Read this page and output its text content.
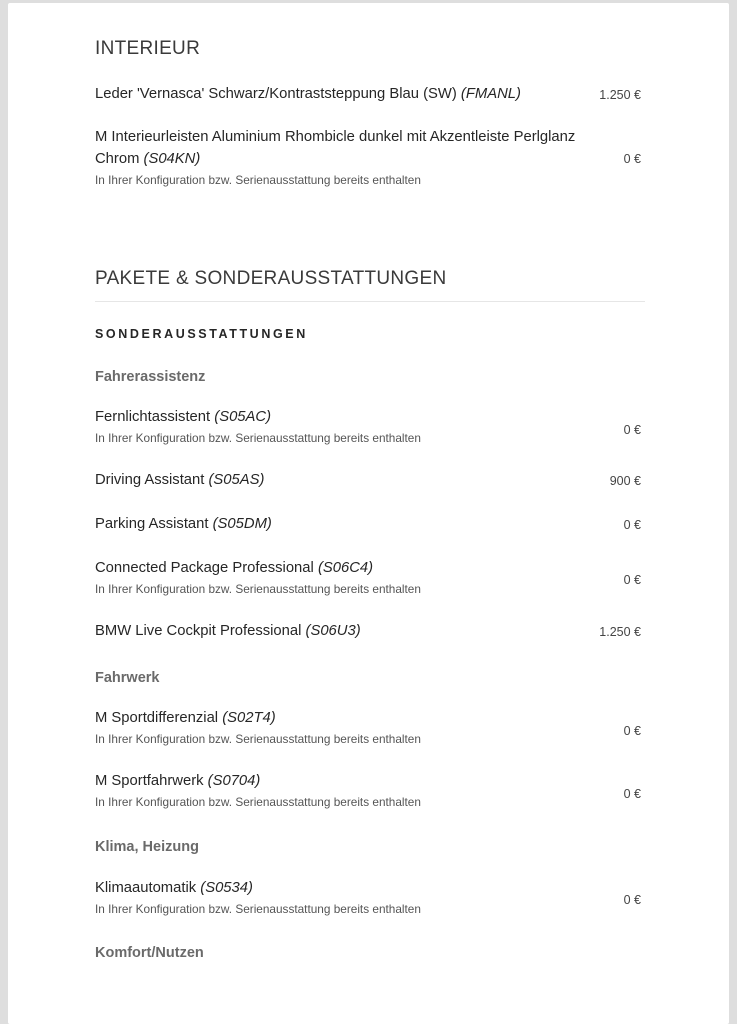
INTERIEUR
Leder 'Vernasca' Schwarz/Kontraststeppung Blau (SW) (FMANL)	1.250 €
M Interieurleisten Aluminium Rhombicle dunkel mit Akzentleiste Perlglanz Chrom (S04KN)
In Ihrer Konfiguration bzw. Serienausstattung bereits enthalten
0 €
PAKETE & SONDERAUSSTATTUNGEN
SONDERAUSSTATTUNGEN
Fahrerassistenz
Fernlichtassistent (S05AC)
In Ihrer Konfiguration bzw. Serienausstattung bereits enthalten
0 €
Driving Assistant (S05AS)	900 €
Parking Assistant (S05DM)	0 €
Connected Package Professional (S06C4)
In Ihrer Konfiguration bzw. Serienausstattung bereits enthalten
0 €
BMW Live Cockpit Professional (S06U3)	1.250 €
Fahrwerk
M Sportdifferenzial (S02T4)
In Ihrer Konfiguration bzw. Serienausstattung bereits enthalten
0 €
M Sportfahrwerk (S0704)
In Ihrer Konfiguration bzw. Serienausstattung bereits enthalten
0 €
Klima, Heizung
Klimaautomatik (S0534)
In Ihrer Konfiguration bzw. Serienausstattung bereits enthalten
0 €
Komfort/Nutzen
